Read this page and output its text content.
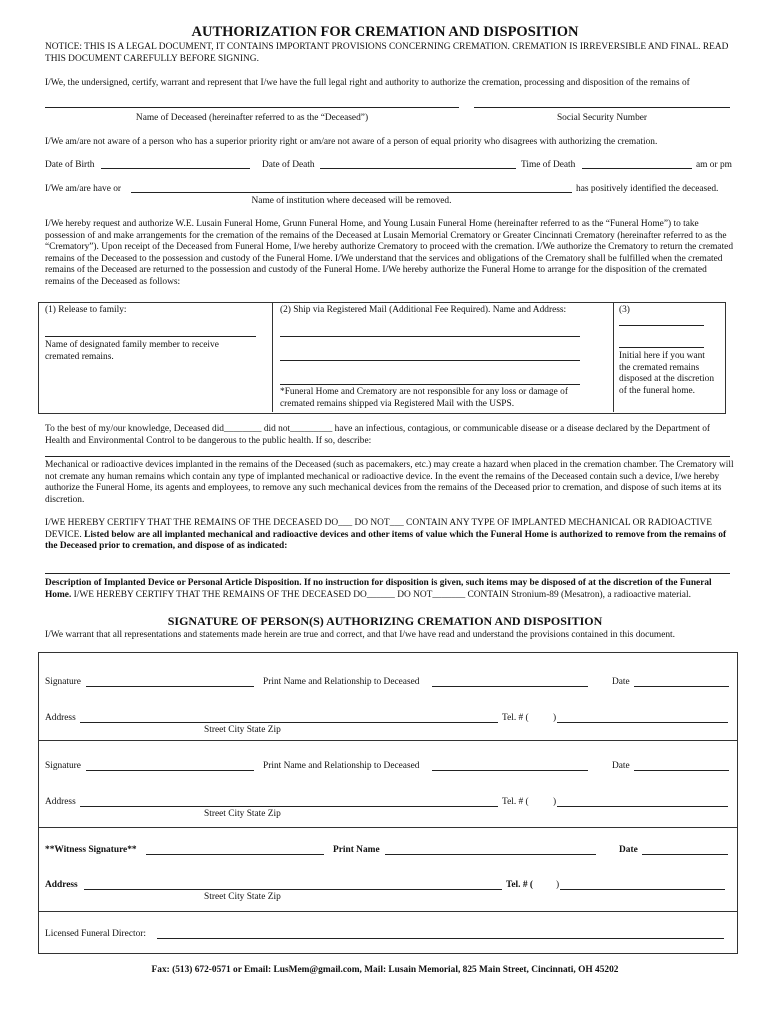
AUTHORIZATION FOR CREMATION AND DISPOSITION
NOTICE: THIS IS A LEGAL DOCUMENT, IT CONTAINS IMPORTANT PROVISIONS CONCERNING CREMATION. CREMATION IS IRREVERSIBLE AND FINAL. READ THIS DOCUMENT CAREFULLY BEFORE SIGNING.
I/We, the undersigned, certify, warrant and represent that I/we have the full legal right and authority to authorize the cremation, processing and disposition of the remains of
Name of Deceased (hereinafter referred to as the “Deceased”)	Social Security Number
I/We am/are not aware of a person who has a superior priority right or am/are not aware of a person of equal priority who disagrees with authorizing the cremation.
Date of Birth	Date of Death	Time of Death	am or pm
I/We am/are have or	has positively identified the deceased.
Name of institution where deceased will be removed.
I/We hereby request and authorize W.E. Lusain Funeral Home, Grunn Funeral Home, and Young Lusain Funeral Home (hereinafter referred to as the “Funeral Home”) to take possession of and make arrangements for the cremation of the remains of the Deceased at Lusain Memorial Crematory or Greater Cincinnati Crematory (hereinafter referred to as the “Crematory”). Upon receipt of the Deceased from Funeral Home, I/we hereby authorize Crematory to proceed with the cremation. I/We authorize the Crematory to return the cremated remains of the Deceased to the possession and custody of the Funeral Home. I/We understand that the services and obligations of the Crematory shall be fulfilled when the cremated remains of the Deceased are returned to the possession and custody of the Funeral Home. I/We hereby authorize the Funeral Home to arrange for the disposition of the cremated remains of the Deceased as follows:
(1) Release to family:
Name of designated family member to receive cremated remains.
(2) Ship via Registered Mail (Additional Fee Required). Name and Address:
*Funeral Home and Crematory are not responsible for any loss or damage of cremated remains shipped via Registered Mail with the USPS.
(3)
Initial here if you want the cremated remains disposed at the discretion of the funeral home.
To the best of my/our knowledge, Deceased did________ did not_________ have an infectious, contagious, or communicable disease or a disease declared by the Department of Health and Environmental Control to be dangerous to the public health. If so, describe:
Mechanical or radioactive devices implanted in the remains of the Deceased (such as pacemakers, etc.) may create a hazard when placed in the cremation chamber. The Crematory will not cremate any human remains which contain any type of implanted mechanical or radioactive device. In the event the remains of the Deceased contain such a device, I/we hereby authorize the Funeral Home, its agents and employees, to remove any such mechanical devices from the remains of the Deceased prior to cremation, and dispose of such items at its discretion.
I/WE HEREBY CERTIFY THAT THE REMAINS OF THE DECEASED DO___ DO NOT___ CONTAIN ANY TYPE OF IMPLANTED MECHANICAL OR RADIOACTIVE DEVICE. Listed below are all implanted mechanical and radioactive devices and other items of value which the Funeral Home is authorized to remove from the remains of the Deceased prior to cremation, and dispose of as indicated:
Description of Implanted Device or Personal Article Disposition. If no instruction for disposition is given, such items may be disposed of at the discretion of the Funeral Home. I/WE HEREBY CERTIFY THAT THE REMAINS OF THE DECEASED DO______ DO NOT_______ CONTAIN Stronium-89 (Mesatron), a radioactive material.
SIGNATURE OF PERSON(S) AUTHORIZING CREMATION AND DISPOSITION
I/We warrant that all representations and statements made herein are true and correct, and that I/we have read and understand the provisions contained in this document.
Signature	Print Name and Relationship to Deceased	Date
Address	Tel. # (	)
Street City State Zip
Signature	Print Name and Relationship to Deceased	Date
Address	Tel. # (	)
Street City State Zip
**Witness Signature**	Print Name	Date
Address	Tel. # ( )
Street City State Zip
Licensed Funeral Director:
Fax: (513) 672-0571 or Email: LusMem@gmail.com, Mail: Lusain Memorial, 825 Main Street, Cincinnati, OH 45202
